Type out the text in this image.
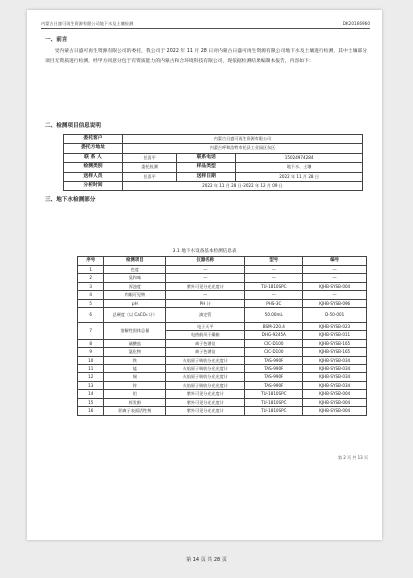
内蒙古日盛可再生资源有限公司地下水及土壤检测	DK20166960
一、前言
受内蒙古日盛可再生资源有限公司的委托，我公司于 2022 年 11 月 28 日对内蒙古日盛可再生资源有限公司地下水及土壤进行检测，其中土壤部分项目无资质进行检测，经甲方同意分包于有资质能力的内蒙古和合环境科技有限公司，现依据检测结果编制本报告，内容如下：
二、检测项目信息说明
委托客户	内蒙古日盛可再生资源有限公司		
委托方地址	内蒙古呼和浩特市托县工业园区东区		
联 系 人	任喜平	联系电话	15024974284
检测类别	委托检测	样品类型	地下水、土壤
送样人员	任喜平	送样日期	2022 年 11 月 28 日
分析时间	2022 年 11 月 28 日-2022 年 12 月 09 日		
三、地下水检测部分
3.1 地下水设备基本检测信息表
序号	检测项目	仪器名称	型号	编号
1	色度	—	—	—
2	臭和味	—	—	—
3	浑浊度	紫外可见分光光度计	TU-1810SPC	KJHB-SYSB-004
4	肉眼可见物	—	—	—
5	pH	PH 计	PHS-3C	KJHB-SYSB-096
6	总硬度（以 CaCO₃ 计）	滴定管	50.00mL	D-50-001
7	溶解性固体总量	电子天平	BSM-220.4	KJHB-SYSB-023
		电热鼓风干燥箱	DHG-9245A	KJHB-SYSB-011
8	硫酸盐	离子色谱仪	CIC-D100	KJHB-SYSB-165
9	氯化物	离子色谱仪	CIC-D100	KJHB-SYSB-165
10	铁	火焰原子吸收分光光度计	TAS-990F	KJHB-SYSB-034
11	锰	火焰原子吸收分光光度计	TAS-990F	KJHB-SYSB-034
12	铜	火焰原子吸收分光光度计	TAS-990F	KJHB-SYSB-034
13	锌	火焰原子吸收分光光度计	TAS-990F	KJHB-SYSB-034
14	铝	紫外可见分光光度计	TU-1810SPC	KJHB-SYSB-004
15	挥发酚	紫外可见分光光度计	TU-1810SPC	KJHB-SYSB-004
16	阴离子表面活性剂	紫外可见分光光度计	TU-1810SPC	KJHB-SYSB-004
第 2 页 共 13 页
第 14 页 共 28 页
